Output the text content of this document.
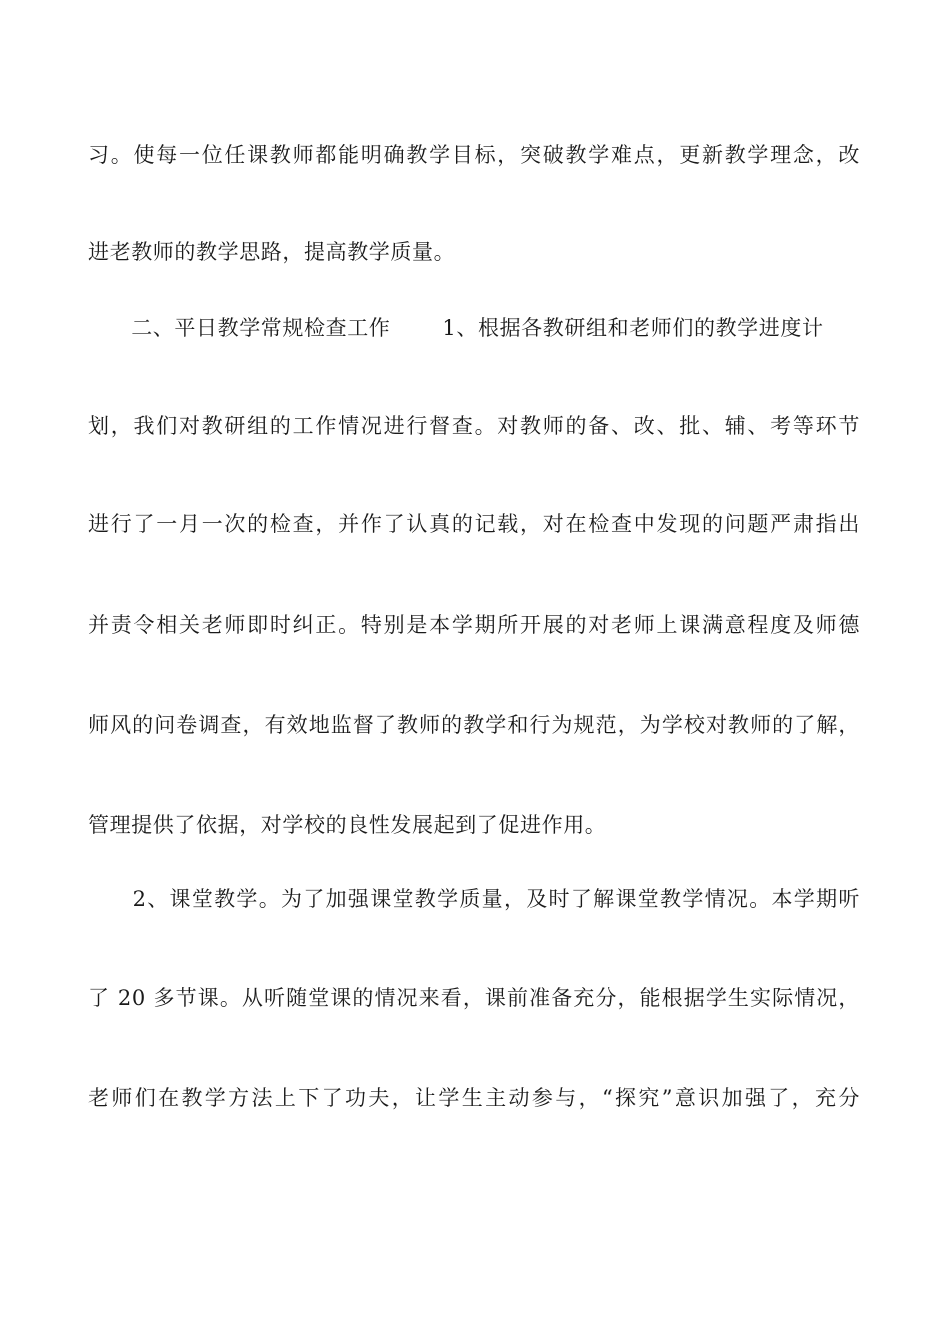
习。使每一位任课教师都能明确教学目标，突破教学难点，更新教学理念，改
进老教师的教学思路，提高教学质量。
　　二、平日教学常规检查工作 1、根据各教研组和老师们的教学进度计
划，我们对教研组的工作情况进行督查。对教师的备、改、批、辅、考等环节
进行了一月一次的检查，并作了认真的记载，对在检查中发现的问题严肃指出
并责令相关老师即时纠正。特别是本学期所开展的对老师上课满意程度及师德
师风的问卷调查，有效地监督了教师的教学和行为规范，为学校对教师的了解，
管理提供了依据，对学校的良性发展起到了促进作用。
　　2、课堂教学。为了加强课堂教学质量，及时了解课堂教学情况。本学期听
了 20 多节课。从听随堂课的情况来看，课前准备充分，能根据学生实际情况，
老师们在教学方法上下了功夫，让学生主动参与，“探究”意识加强了，充分
